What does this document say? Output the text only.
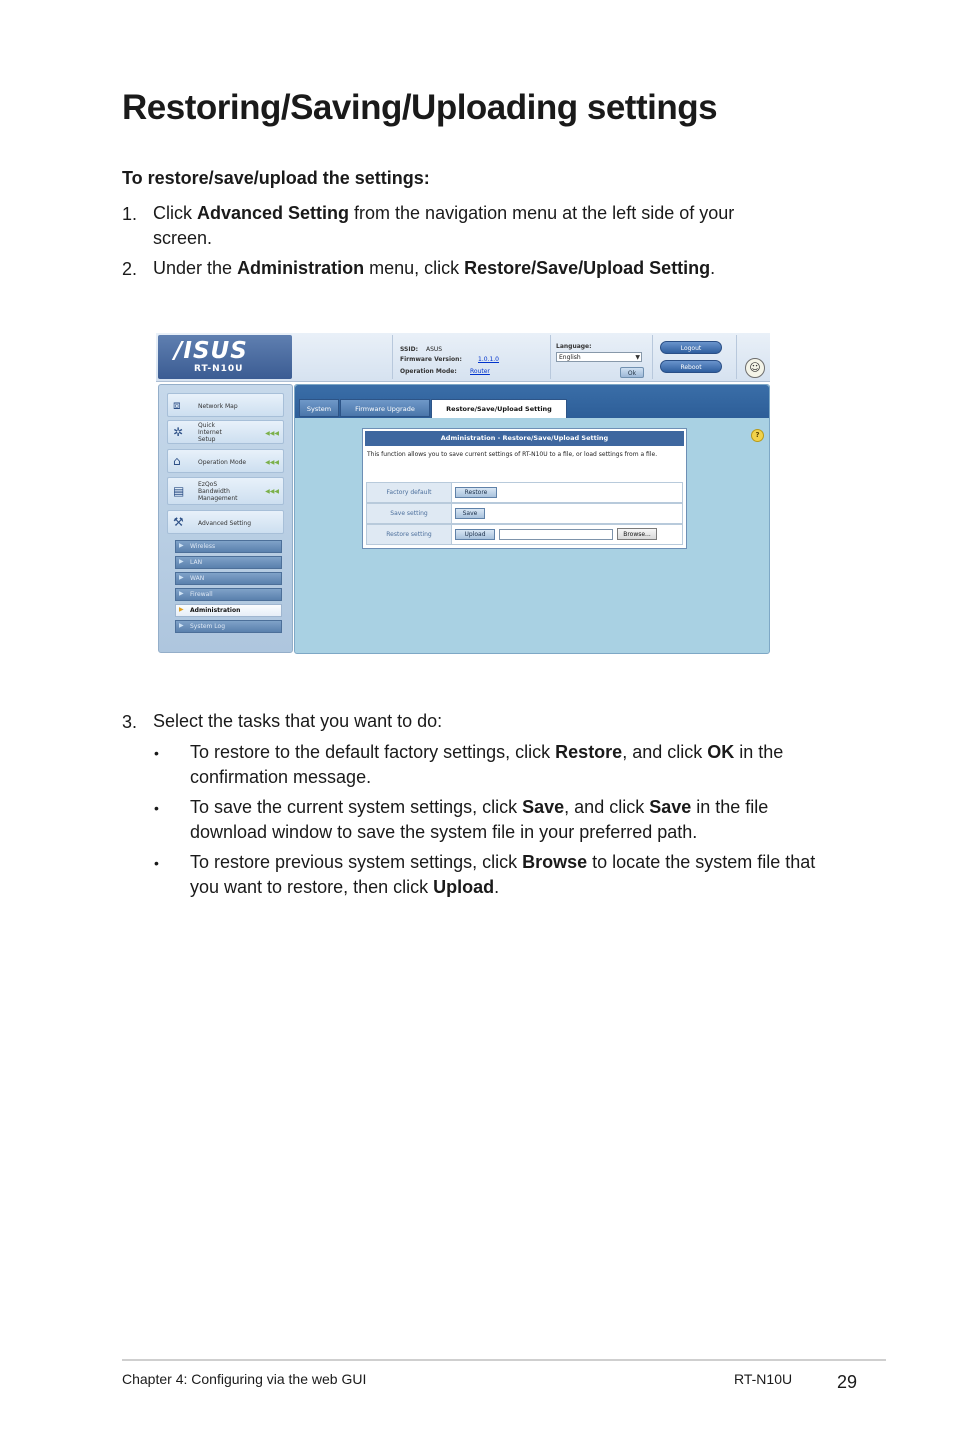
Restoring/Saving/Uploading settings
To restore/save/upload the settings:
1. Click Advanced Setting from the navigation menu at the left side of your
screen.
2. Under the Administration menu, click Restore/Save/Upload Setting.
/ISUS
RT-N10U
SSID: ASUS
Firmware Version:	1.0.1.0
Operation Mode: Router
Language:
English	▼
Ok
Logout
Reboot	☺
⧈	Network Map
✲ Quick
Internet
Setup
◀◀◀
⌂	Operation Mode	◀◀◀
▤ EzQoS
Bandwidth
Management
◀◀◀
⚒ Advanced Setting
▶ Wireless
▶ LAN
▶ WAN
▶ Firewall
▶ Administration
▶ System Log
System	Firmware Upgrade	Restore/Save/Upload Setting
?
Administration - Restore/Save/Upload Setting
This function allows you to save current settings of RT-N10U to a file, or load settings from a file.
Factory default	Restore
Save setting	Save
Restore setting	Upload	Browse...
3. Select the tasks that you want to do:
• To restore to the default factory settings, click Restore, and click OK in the
confirmation message.
• To save the current system settings, click Save, and click Save in the file
download window to save the system file in your preferred path.
• To restore previous system settings, click Browse to locate the system file that
you want to restore, then click Upload.
Chapter 4: Configuring via the web GUI	RT-N10U 29
